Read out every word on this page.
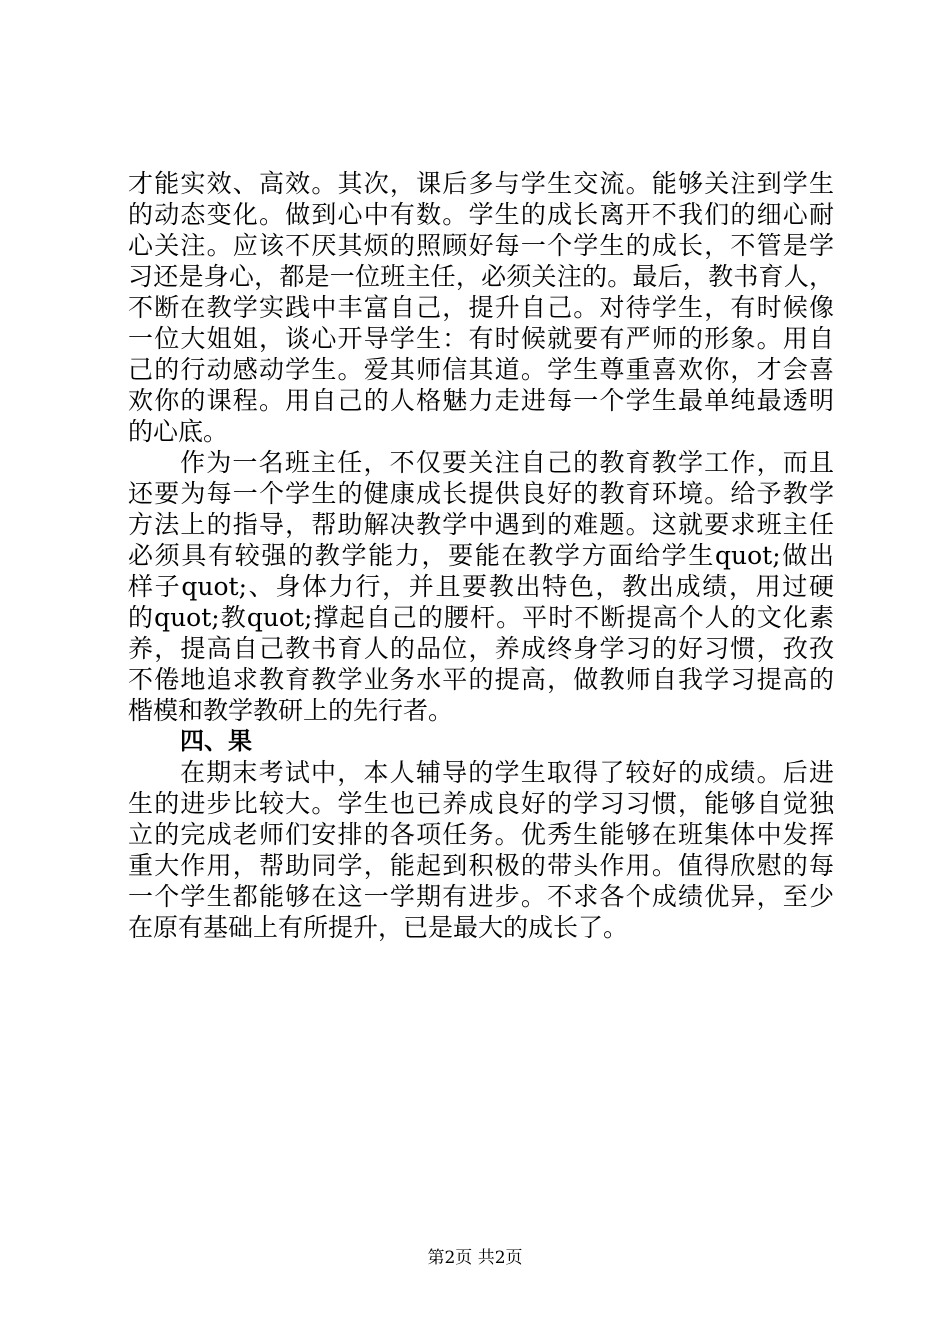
才能实效、高效。其次，课后多与学生交流。能够关注到学生
的动态变化。做到心中有数。学生的成长离开不我们的细心耐
心关注。应该不厌其烦的照顾好每一个学生的成长，不管是学
习还是身心，都是一位班主任，必须关注的。最后，教书育人，
不断在教学实践中丰富自己，提升自己。对待学生，有时候像
一位大姐姐，谈心开导学生：有时候就要有严师的形象。用自
己的行动感动学生。爱其师信其道。学生尊重喜欢你，才会喜
欢你的课程。用自己的人格魅力走进每一个学生最单纯最透明
的心底。
作为一名班主任，不仅要关注自己的教育教学工作，而且
还要为每一个学生的健康成长提供良好的教育环境。给予教学
方法上的指导，帮助解决教学中遇到的难题。这就要求班主任
必须具有较强的教学能力，要能在教学方面给学生quot;做出
样子quot;、身体力行，并且要教出特色，教出成绩，用过硬
的quot;教quot;撑起自己的腰杆。平时不断提高个人的文化素
养，提高自己教书育人的品位，养成终身学习的好习惯，孜孜
不倦地追求教育教学业务水平的提高，做教师自我学习提高的
楷模和教学教研上的先行者。
四、果
在期末考试中，本人辅导的学生取得了较好的成绩。后进
生的进步比较大。学生也已养成良好的学习习惯，能够自觉独
立的完成老师们安排的各项任务。优秀生能够在班集体中发挥
重大作用，帮助同学，能起到积极的带头作用。值得欣慰的每
一个学生都能够在这一学期有进步。不求各个成绩优异，至少
在原有基础上有所提升，已是最大的成长了。
第2页 共2页
